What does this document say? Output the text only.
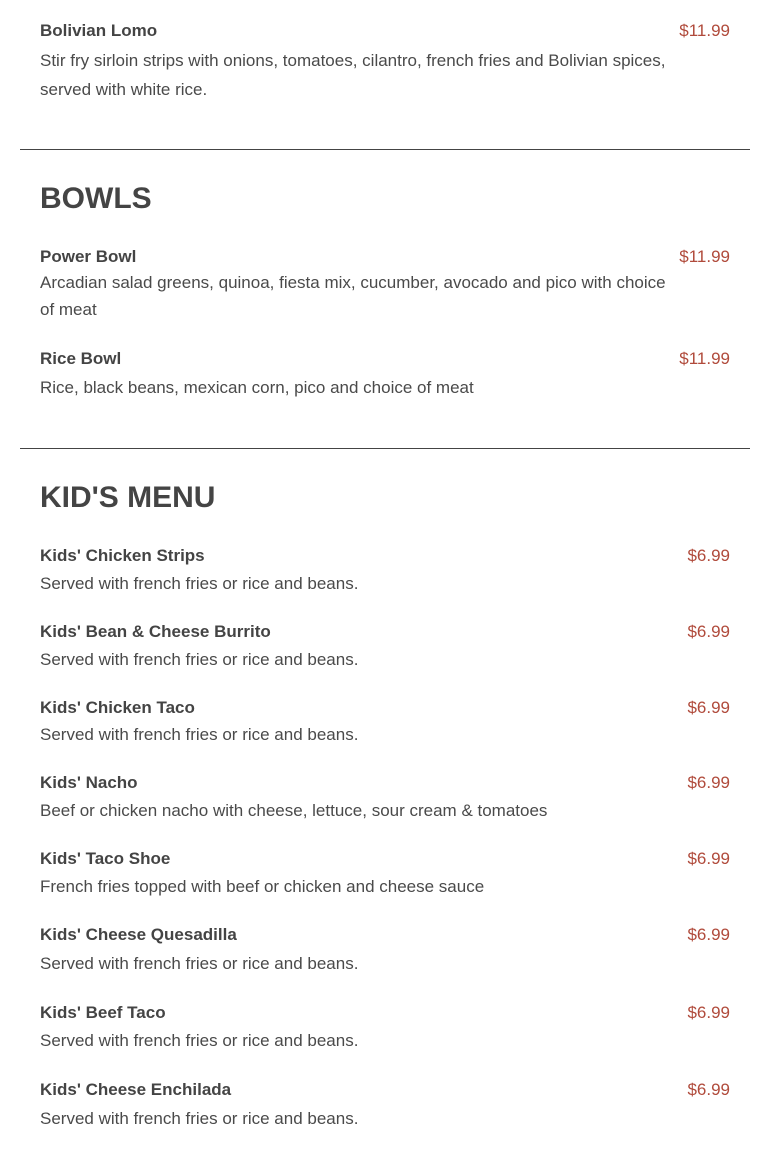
Bolivian Lomo	$11.99

Stir fry sirloin strips with onions, tomatoes, cilantro, french fries and Bolivian spices, served with white rice.

BOWLS
Power Bowl	$11.99

Arcadian salad greens, quinoa, fiesta mix, cucumber, avocado and pico with choice of meat

Rice Bowl	$11.99

Rice, black beans, mexican corn, pico and choice of meat

KID'S MENU
Kids' Chicken Strips	$6.99

Served with french fries or rice and beans.

Kids' Bean & Cheese Burrito	$6.99

Served with french fries or rice and beans.

Kids' Chicken Taco	$6.99

Served with french fries or rice and beans.

Kids' Nacho	$6.99

Beef or chicken nacho with cheese, lettuce, sour cream & tomatoes

Kids' Taco Shoe	$6.99

French fries topped with beef or chicken and cheese sauce

Kids' Cheese Quesadilla	$6.99

Served with french fries or rice and beans.

Kids' Beef Taco	$6.99

Served with french fries or rice and beans.

Kids' Cheese Enchilada	$6.99

Served with french fries or rice and beans.
